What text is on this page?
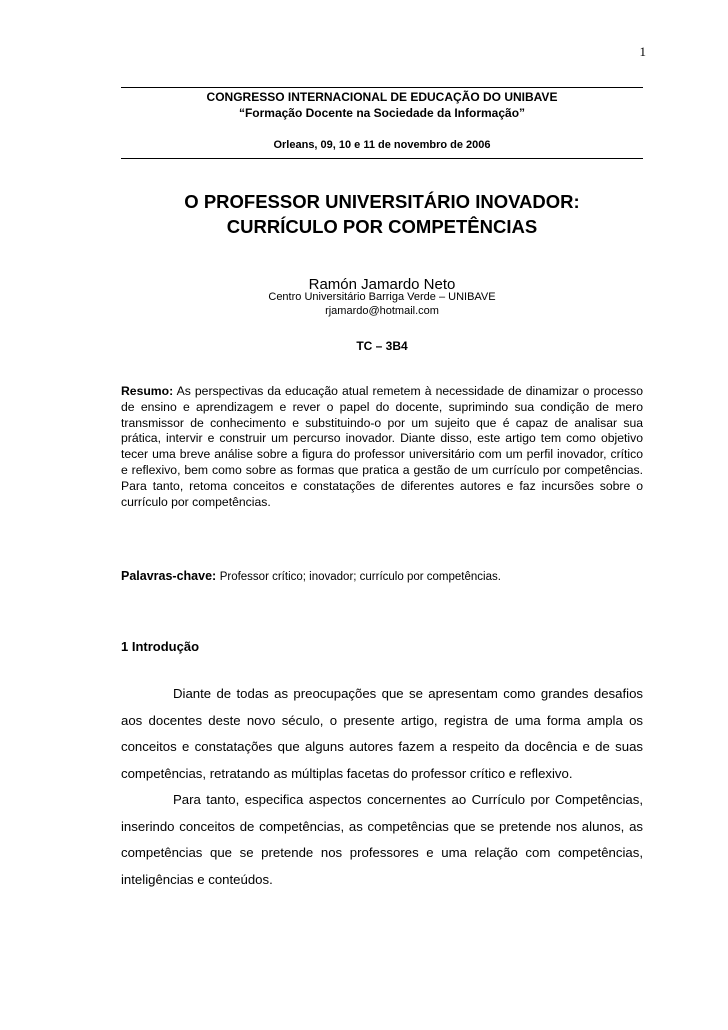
1
CONGRESSO INTERNACIONAL DE EDUCAÇÃO DO UNIBAVE
“Formação Docente na Sociedade da Informação”
Orleans, 09, 10 e 11 de novembro de 2006
O PROFESSOR UNIVERSITÁRIO INOVADOR:
CURRÍCULO POR COMPETÊNCIAS
Ramón Jamardo Neto
Centro Universitário Barriga Verde – UNIBAVE
rjamardo@hotmail.com
TC – 3B4
Resumo: As perspectivas da educação atual remetem à necessidade de dinamizar o processo de ensino e aprendizagem e rever o papel do docente, suprimindo sua condição de mero transmissor de conhecimento e substituindo-o por um sujeito que é capaz de analisar sua prática, intervir e construir um percurso inovador. Diante disso, este artigo tem como objetivo tecer uma breve análise sobre a figura do professor universitário com um perfil inovador, crítico e reflexivo, bem como sobre as formas que pratica a gestão de um currículo por competências. Para tanto, retoma conceitos e constatações de diferentes autores e faz incursões sobre o currículo por competências.
Palavras-chave: Professor crítico; inovador; currículo por competências.
1 Introdução

Diante de todas as preocupações que se apresentam como grandes desafios aos docentes deste novo século, o presente artigo, registra de uma forma ampla os conceitos e constatações que alguns autores fazem a respeito da docência e de suas competências, retratando as múltiplas facetas do professor crítico e reflexivo.

Para tanto, especifica aspectos concernentes ao Currículo por Competências, inserindo conceitos de competências, as competências que se pretende nos alunos, as competências que se pretende nos professores e uma relação com competências, inteligências e conteúdos.
